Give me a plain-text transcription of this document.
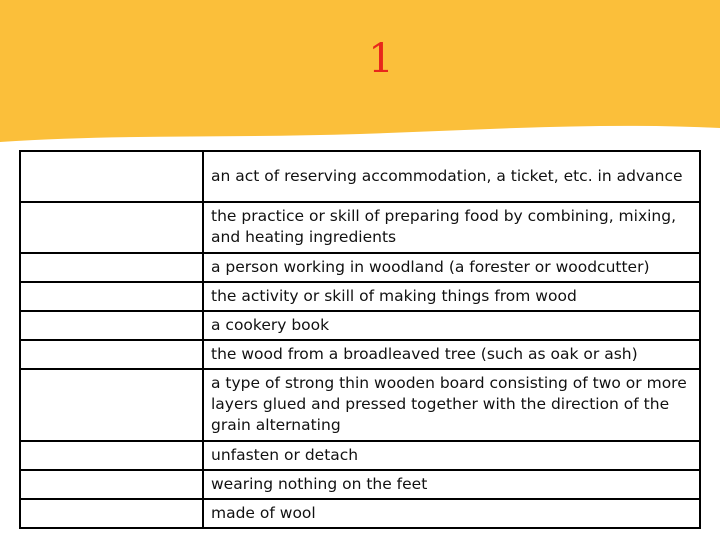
1
	an act of reserving accommodation, a ticket, etc. in advance
	the practice or skill of preparing food by combining, mixing, and heating ingredients
	a person working in woodland (a forester or woodcutter)
	the activity or skill of making things from wood
	a cookery book
	the wood from a broadleaved tree (such as oak or ash)
	a type of strong thin wooden board consisting of two or more layers glued and pressed together with the direction of the grain alternating
	unfasten or detach
	wearing nothing on the feet
	made of wool
